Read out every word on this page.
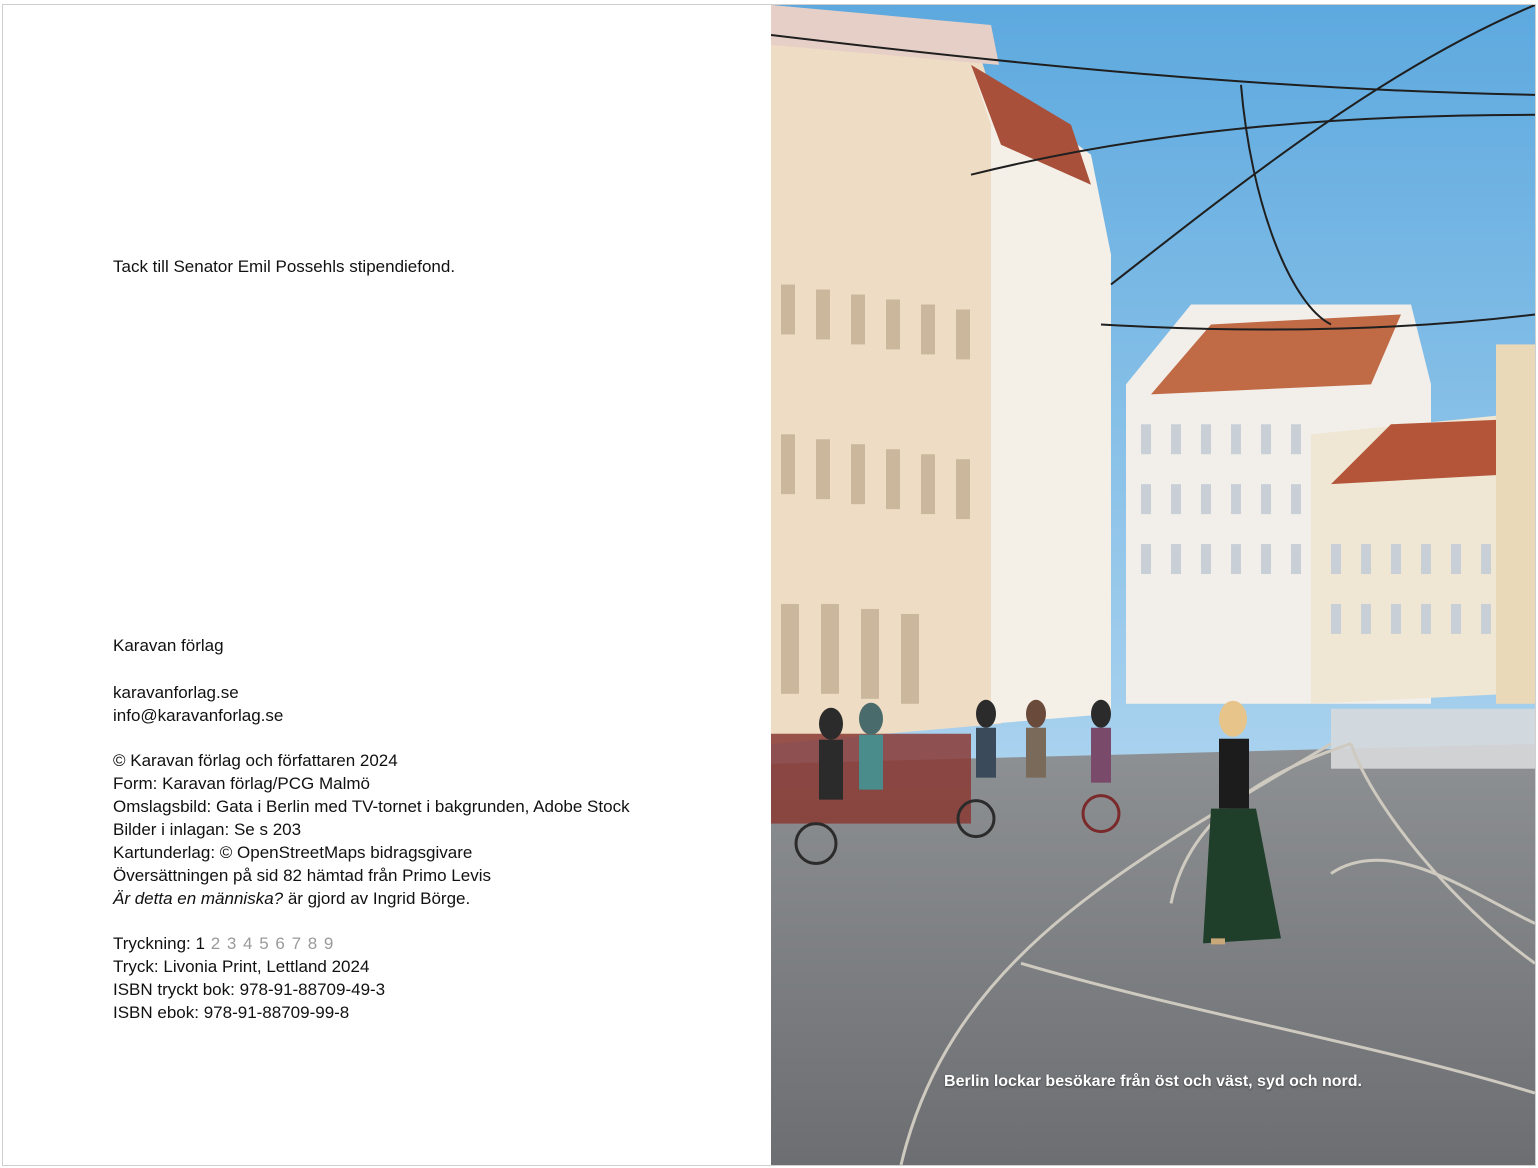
Tack till Senator Emil Possehls stipendiefond.
Karavan förlag
karavanforlag.se
info@karavanforlag.se
© Karavan förlag och författaren 2024
Form: Karavan förlag/PCG Malmö
Omslagsbild: Gata i Berlin med TV-tornet i bakgrunden, Adobe Stock
Bilder i inlagan: Se s 203
Kartunderlag: © OpenStreetMaps bidragsgivare
Översättningen på sid 82 hämtad från Primo Levis
Är detta en människa? är gjord av Ingrid Börge.
Tryckning: 1 2 3 4 5 6 7 8 9
Tryck: Livonia Print, Lettland 2024
ISBN tryckt bok: 978-91-88709-49-3
ISBN ebok: 978-91-88709-99-8
Berlin lockar besökare från öst och väst, syd och nord.
